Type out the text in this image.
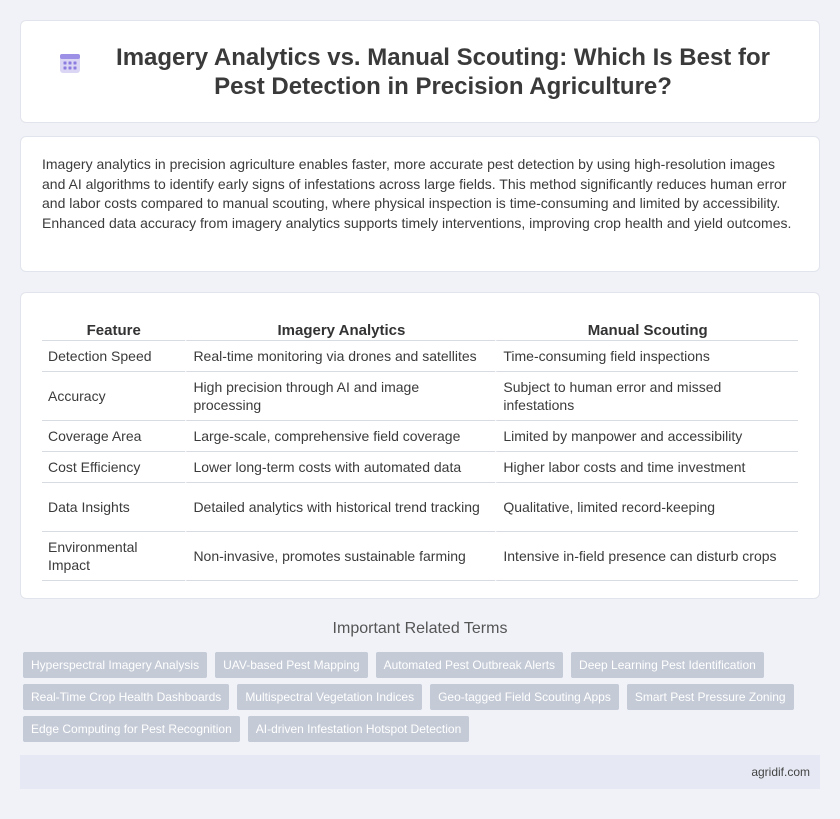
Imagery Analytics vs. Manual Scouting: Which Is Best for Pest Detection in Precision Agriculture?

Imagery analytics in precision agriculture enables faster, more accurate pest detection by using high-resolution images and AI algorithms to identify early signs of infestations across large fields. This method significantly reduces human error and labor costs compared to manual scouting, where physical inspection is time-consuming and limited by accessibility. Enhanced data accuracy from imagery analytics supports timely interventions, improving crop health and yield outcomes.

Feature	Imagery Analytics	Manual Scouting
Detection Speed	Real-time monitoring via drones and satellites	Time-consuming field inspections
Accuracy	High precision through AI and image processing	Subject to human error and missed infestations
Coverage Area	Large-scale, comprehensive field coverage	Limited by manpower and accessibility
Cost Efficiency	Lower long-term costs with automated data	Higher labor costs and time investment
Data Insights	Detailed analytics with historical trend tracking	Qualitative, limited record-keeping
Environmental Impact	Non-invasive, promotes sustainable farming	Intensive in-field presence can disturb crops
Important Related Terms
Hyperspectral Imagery Analysis	UAV-based Pest Mapping	Automated Pest Outbreak Alerts	Deep Learning Pest Identification
Real-Time Crop Health Dashboards	Multispectral Vegetation Indices	Geo-tagged Field Scouting Apps	Smart Pest Pressure Zoning
Edge Computing for Pest Recognition	AI-driven Infestation Hotspot Detection
agridif.com
